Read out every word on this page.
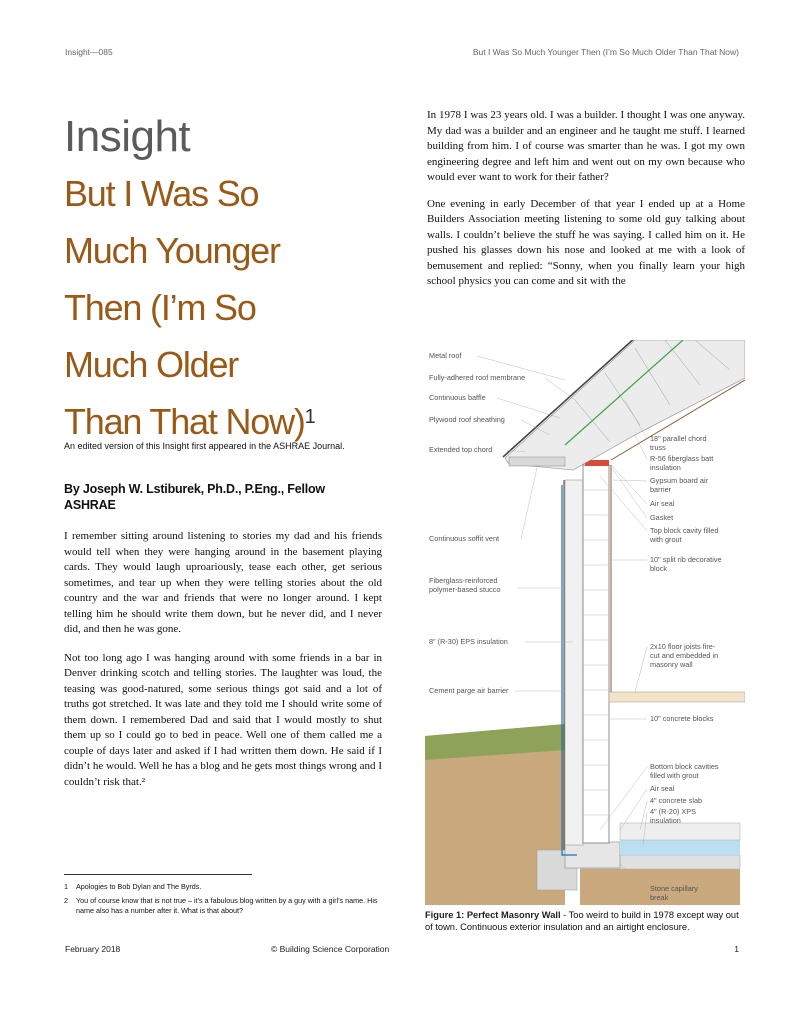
Insight—085	But I Was So Much Younger Then (I’m So Much Older Than That Now)
Insight
But I Was So
Much Younger
Then (I’m So
Much Older
Than That Now)$^1$
An edited version of this Insight first appeared in the ASHRAE Journal.
By Joseph W. Lstiburek, Ph.D., P.Eng., Fellow ASHRAE

I remember sitting around listening to stories my dad and his friends would tell when they were hanging around in the basement playing cards. They would laugh uproariously, tease each other, get serious sometimes, and tear up when they were telling stories about the old country and the war and friends that were no longer around. I kept telling him he should write them down, but he never did, and I never did, and then he was gone.

Not too long ago I was hanging around with some friends in a bar in Denver drinking scotch and telling stories. The laughter was loud, the teasing was good-natured, some serious things got said and a lot of truths got stretched. It was late and they told me I should write some of them down. I remembered Dad and said that I would mostly to shut them up so I could go to bed in peace. Well one of them called me a couple of days later and asked if I had written them down. He said if I didn’t he would. Well he has a blog and he gets most things wrong and I couldn’t risk that.²

1 Apologies to Bob Dylan and The Byrds.
2 You of course know that is not true – it’s a fabulous blog written by a guy with a girl’s name. His name also has a number after it. What is that about?

In 1978 I was 23 years old. I was a builder. I thought I was one anyway. My dad was a builder and an engineer and he taught me stuff. I learned building from him. I of course was smarter than he was. I got my own engineering degree and left him and went out on my own because who would ever want to work for their father?

One evening in early December of that year I ended up at a Home Builders Association meeting listening to some old guy talking about walls. I couldn’t believe the stuff he was saying. I called him on it. He pushed his glasses down his nose and looked at me with a look of bemusement and replied: “Sonny, when you finally learn your high school physics you can come and sit with the

Metal roof
Fully-adhered roof membrane
Continuous baffle
Plywood roof sheathing
Extended top chord
Continuous soffit vent
Fiberglass-reinforced
polymer-based stucco
8" (R-30) EPS insulation
Cement parge air barrier
18" parallel chord
truss
R-56 fiberglass batt
insulation
Gypsum board air
barrier
Air seal
Gasket
Top block cavity filled
with grout
10" split rib decorative
block
2x10 floor joists fire-
cut and embedded in
masonry wall
10" concrete blocks
Bottom block cavities
filled with grout
Air seal
4" concrete slab
4" (R-20) XPS
insulation
Stone capillary
break
Figure 1: Perfect Masonry Wall - Too weird to build in 1978 except way out of town. Continuous exterior insulation and an airtight enclosure.
February 2018	© Building Science Corporation	1
